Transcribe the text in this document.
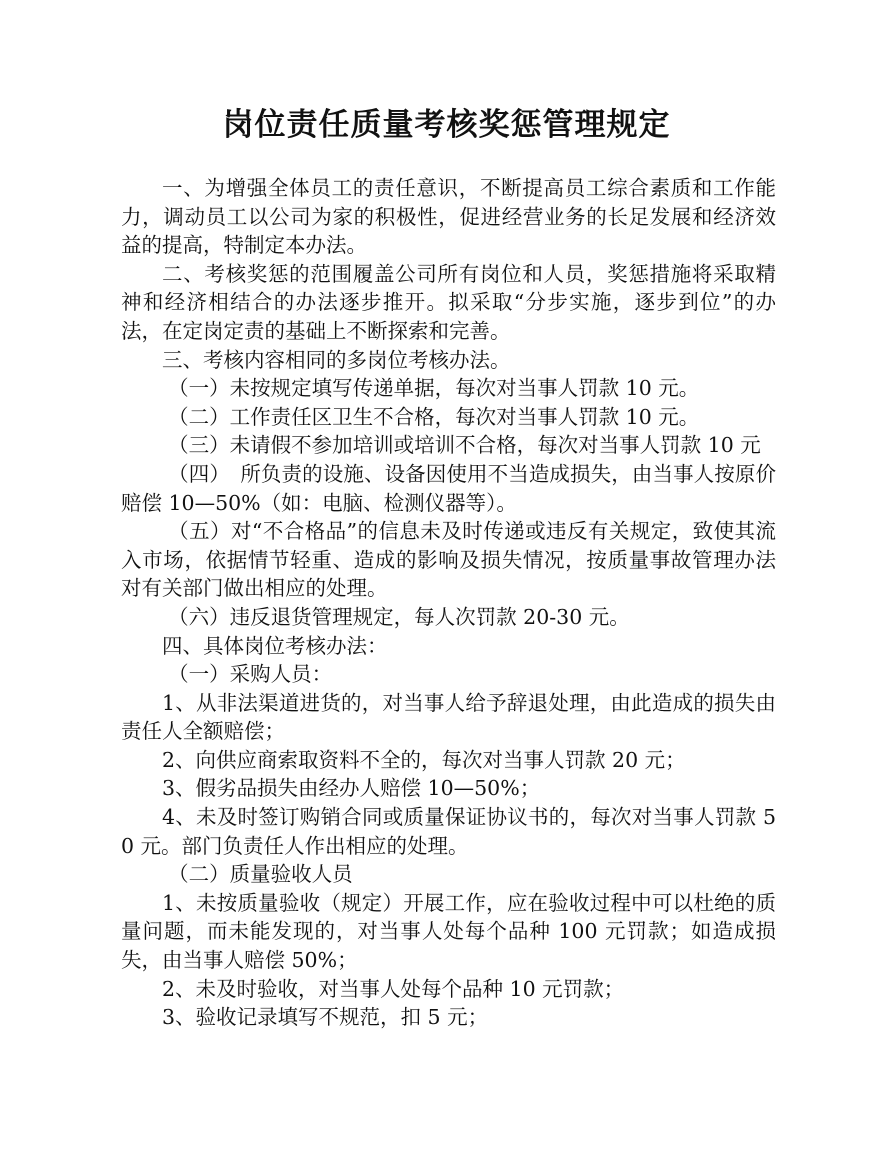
岗位责任质量考核奖惩管理规定

一、为增强全体员工的责任意识，不断提高员工综合素质和工作能力，调动员工以公司为家的积极性，促进经营业务的长足发展和经济效益的提高，特制定本办法。

二、考核奖惩的范围履盖公司所有岗位和人员，奖惩措施将采取精神和经济相结合的办法逐步推开。拟采取“分步实施，逐步到位”的办法，在定岗定责的基础上不断探索和完善。

三、考核内容相同的多岗位考核办法。

（一）未按规定填写传递单据，每次对当事人罚款 10 元。

（二）工作责任区卫生不合格，每次对当事人罚款 10 元。

（三）未请假不参加培训或培训不合格，每次对当事人罚款 10 元

（四）　所负责的设施、设备因使用不当造成损失，由当事人按原价赔偿 10—50%（如：电脑、检测仪器等）。

（五）对“不合格品”的信息未及时传递或违反有关规定，致使其流入市场，依据情节轻重、造成的影响及损失情况，按质量事故管理办法对有关部门做出相应的处理。

（六）违反退货管理规定，每人次罚款 20-30 元。

四、具体岗位考核办法：

（一）采购人员：

1、从非法渠道进货的，对当事人给予辞退处理，由此造成的损失由责任人全额赔偿；

2、向供应商索取资料不全的，每次对当事人罚款 20 元；

3、假劣品损失由经办人赔偿 10—50%；

4、未及时签订购销合同或质量保证协议书的，每次对当事人罚款 50 元。部门负责任人作出相应的处理。

（二）质量验收人员

1、未按质量验收（规定）开展工作，应在验收过程中可以杜绝的质量问题，而未能发现的，对当事人处每个品种 100 元罚款；如造成损失，由当事人赔偿 50%；

2、未及时验收，对当事人处每个品种 10 元罚款；

3、验收记录填写不规范，扣 5 元；
